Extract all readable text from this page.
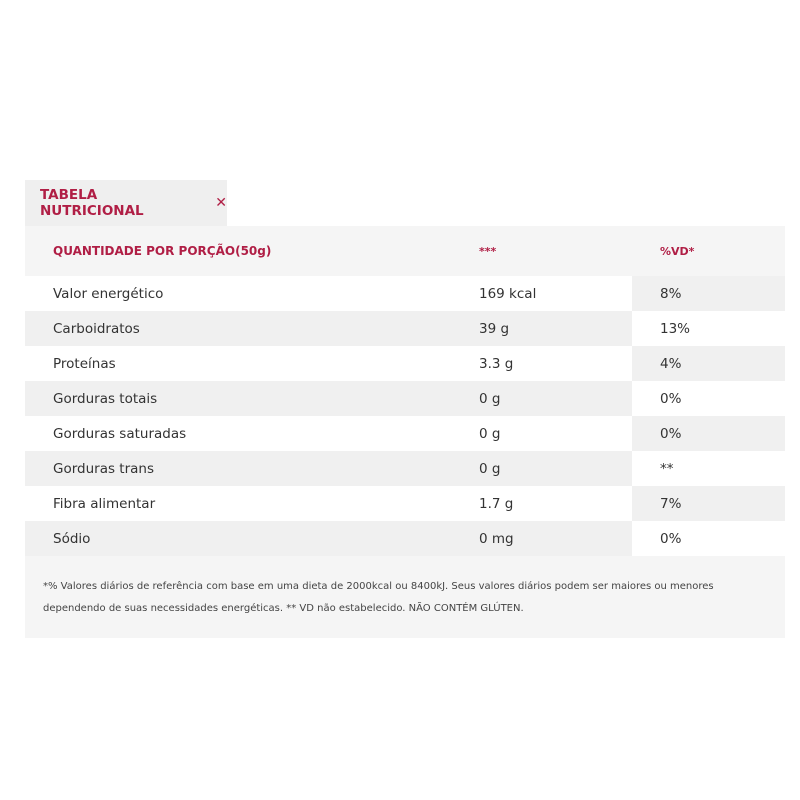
TABELA NUTRICIONAL	✕
QUANTIDADE POR PORÇÃO(50g)	***	%VD*
Valor energético	169 kcal	8%
Carboidratos	39 g	13%
Proteínas	3.3 g	4%
Gorduras totais	0 g	0%
Gorduras saturadas	0 g	0%
Gorduras trans	0 g	**
Fibra alimentar	1.7 g	7%
Sódio	0 mg	0%
*% Valores diários de referência com base em uma dieta de 2000kcal ou 8400kJ. Seus valores diários podem ser maiores ou menores dependendo de suas necessidades energéticas. ** VD não estabelecido. NÃO CONTÉM GLÚTEN.
